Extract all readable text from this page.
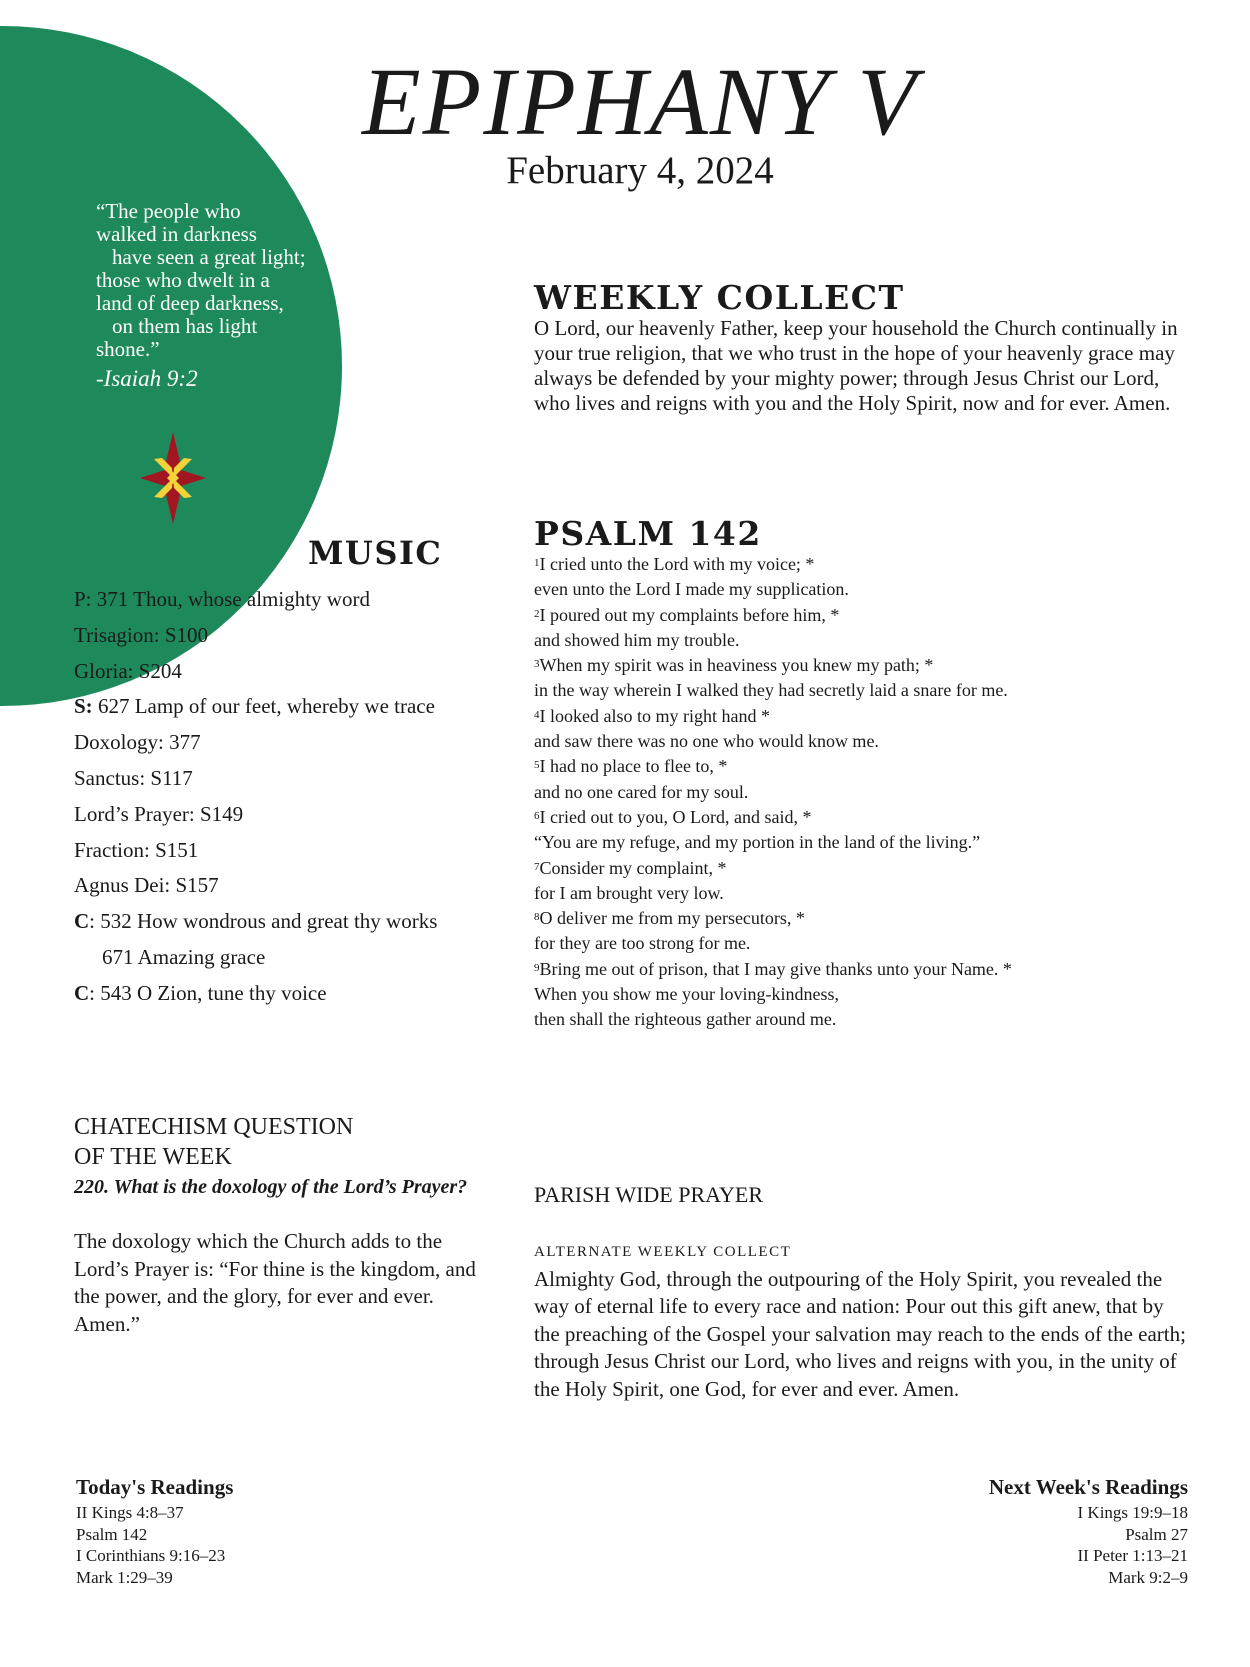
EPIPHANY V
February 4, 2024
“The people who
walked in darkness
have seen a great light;
those who dwelt in a
land of deep darkness,
on them has light
shone.”
-Isaiah 9:2
MUSIC
P: 371 Thou, whose almighty word
Trisagion: S100
Gloria: S204
S: 627 Lamp of our feet, whereby we trace
Doxology: 377
Sanctus: S117
Lord’s Prayer: S149
Fraction: S151
Agnus Dei: S157
C: 532 How wondrous and great thy works
671 Amazing grace
C: 543 O Zion, tune thy voice
WEEKLY COLLECT
O Lord, our heavenly Father, keep your household the Church continually in your true religion, that we who trust in the hope of your heavenly grace may always be defended by your mighty power; through Jesus Christ our Lord, who lives and reigns with you and the Holy Spirit, now and for ever. Amen.
PSALM 142
$^1$I cried unto the Lord with my voice; *
even unto the Lord I made my supplication.
$^2$I poured out my complaints before him, *
and showed him my trouble.
$^3$When my spirit was in heaviness you knew my path; *
in the way wherein I walked they had secretly laid a snare for me.
$^4$I looked also to my right hand *
and saw there was no one who would know me.
$^5$I had no place to flee to, *
and no one cared for my soul.
$^6$I cried out to you, O Lord, and said, *
“You are my refuge, and my portion in the land of the living.”
$^7$Consider my complaint, *
for I am brought very low.
$^8$O deliver me from my persecutors, *
for they are too strong for me.
$^9$Bring me out of prison, that I may give thanks unto your Name. *
When you show me your loving-kindness,
then shall the righteous gather around me.
CHATECHISM QUESTION
OF THE WEEK
220. What is the doxology of the Lord’s Prayer?
The doxology which the Church adds to the Lord’s Prayer is: “For thine is the kingdom, and the power, and the glory, for ever and ever. Amen.”
PARISH WIDE PRAYER
ALTERNATE WEEKLY COLLECT
Almighty God, through the outpouring of the Holy Spirit, you revealed the way of eternal life to every race and nation: Pour out this gift anew, that by the preaching of the Gospel your salvation may reach to the ends of the earth; through Jesus Christ our Lord, who lives and reigns with you, in the unity of the Holy Spirit, one God, for ever and ever. Amen.
Today's Readings
II Kings 4:8–37
Psalm 142
I Corinthians 9:16–23
Mark 1:29–39
Next Week's Readings
I Kings 19:9–18
Psalm 27
II Peter 1:13–21
Mark 9:2–9
